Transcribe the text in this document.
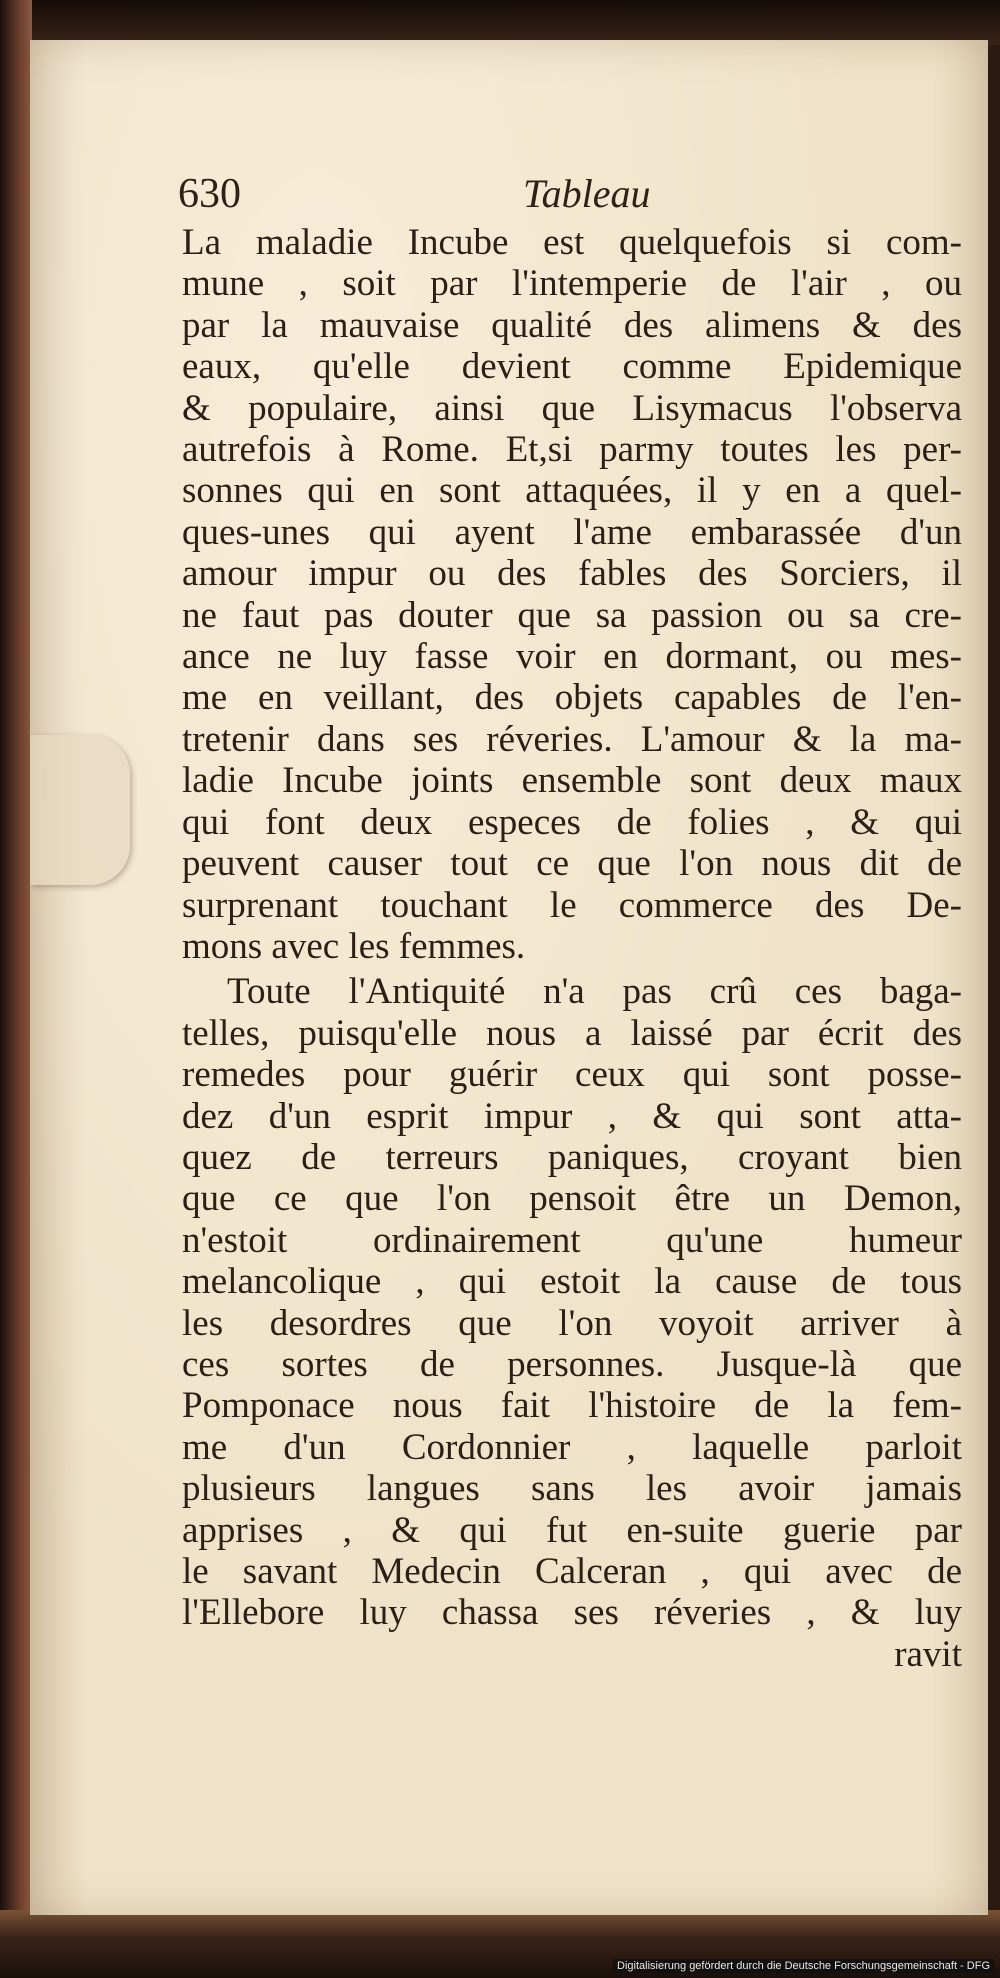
630	Tableau
La maladie Incube est quelquefois si com-
mune , soit par l'intemperie de l'air , ou
par la mauvaise qualité des alimens & des
eaux, qu'elle devient comme Epidemique
& populaire, ainsi que Lisymacus l'observa
autrefois à Rome. Et,si parmy toutes les per-
sonnes qui en sont attaquées, il y en a quel-
ques-unes qui ayent l'ame embarassée d'un
amour impur ou des fables des Sorciers, il
ne faut pas douter que sa passion ou sa cre-
ance ne luy fasse voir en dormant, ou mes-
me en veillant, des objets capables de l'en-
tretenir dans ses réveries. L'amour & la ma-
ladie Incube joints ensemble sont deux maux
qui font deux especes de folies , & qui
peuvent causer tout ce que l'on nous dit de
surprenant touchant le commerce des De-
mons avec les femmes.
Toute l'Antiquité n'a pas crû ces baga-
telles, puisqu'elle nous a laissé par écrit des
remedes pour guérir ceux qui sont posse-
dez d'un esprit impur , & qui sont atta-
quez de terreurs paniques, croyant bien
que ce que l'on pensoit être un Demon,
n'estoit ordinairement qu'une humeur
melancolique , qui estoit la cause de tous
les desordres que l'on voyoit arriver à
ces sortes de personnes. Jusque-là que
Pomponace nous fait l'histoire de la fem-
me d'un Cordonnier , laquelle parloit
plusieurs langues sans les avoir jamais
apprises , & qui fut en-suite guerie par
le savant Medecin Calceran , qui avec de
l'Ellebore luy chassa ses réveries , & luy
ravit
Digitalisierung gefördert durch die Deutsche Forschungsgemeinschaft - DFG
